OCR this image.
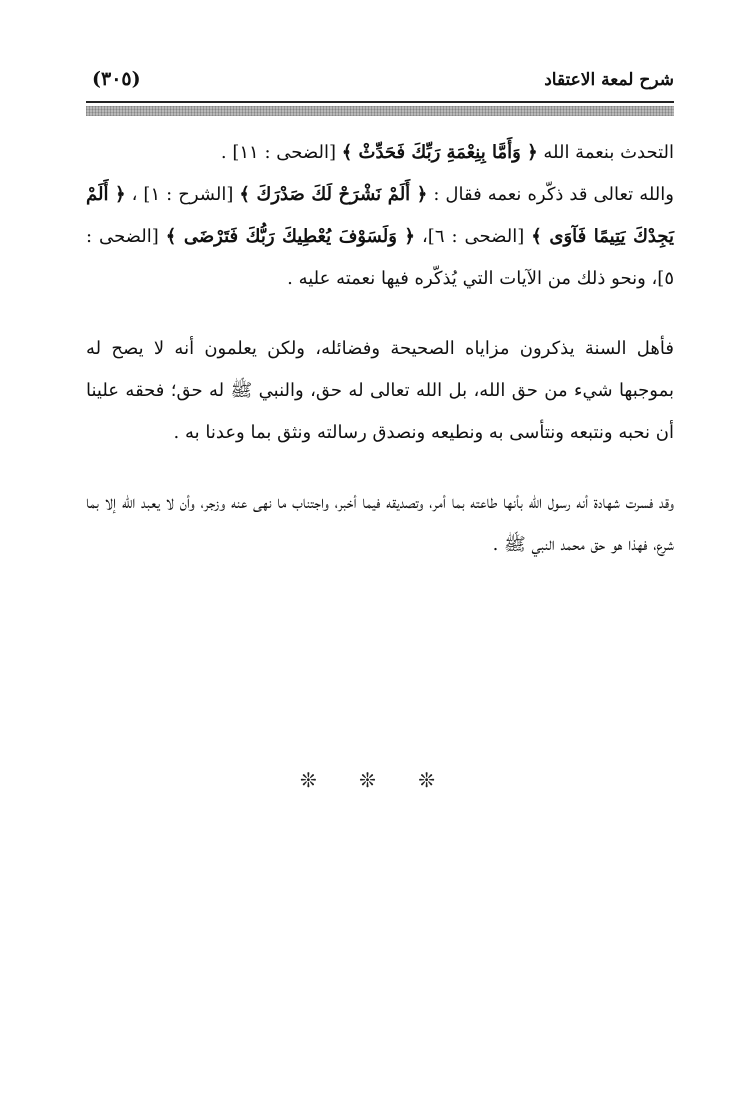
شرح لمعة الاعتقاد
(٣٠٥)

التحدث بنعمة الله ﴿ وَأَمَّا بِنِعْمَةِ رَبِّكَ فَحَدِّثْ ﴾ [الضحى : ١١] .

والله تعالى قد ذكّره نعمه فقال : ﴿ أَلَمْ نَشْرَحْ لَكَ صَدْرَكَ ﴾ [الشرح : ١] ، ﴿ أَلَمْ يَجِدْكَ يَتِيمًا فَآوَى ﴾ [الضحى : ٦]، ﴿ وَلَسَوْفَ يُعْطِيكَ رَبُّكَ فَتَرْضَى ﴾ [الضحى : ٥]، ونحو ذلك من الآيات التي يُذكّره فيها نعمته عليه .

فأهل السنة يذكرون مزاياه الصحيحة وفضائله، ولكن يعلمون أنه لا يصح له بموجبها شيء من حق الله، بل الله تعالى له حق، والنبي ﷺ له حق؛ فحقه علينا أن نحبه ونتبعه ونتأسى به ونطيعه ونصدق رسالته ونثق بما وعدنا به .

وقد فسرت شهادة أنه رسول الله بأنها طاعته بما أمر، وتصديقه فيما أخبر، واجتناب ما نهى عنه وزجر، وأن لا يعبد الله إلا بما شرع، فهذا هو حق محمد النبي ﷺ .

❊ ❊ ❊
